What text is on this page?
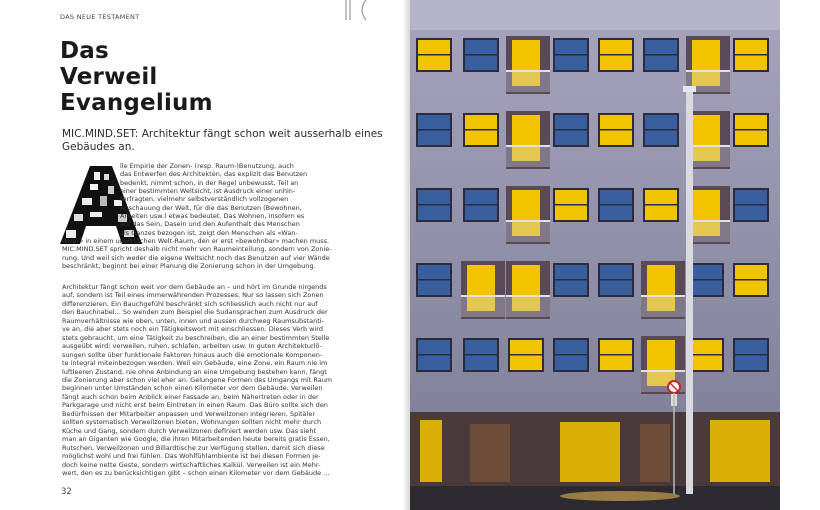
DAS NEUE TESTAMENT
Das
Verweil
Evangelium

MIC.MIND.SET: Architektur fängt schon weit ausserhalb eines Gebäudes an.

lle Empirie der Zonen- (resp. Raum-)Benutzung, auch
das Entwerfen des Architekten, das explizit das Benutzen
bedenkt, nimmt schon, in der Regel unbewusst, Teil an
einer bestimmten Weltsicht, ist Ausdruck einer unhin-
terfragten, vielmehr selbstverständlich vollzogenen
Anschauung der Welt, für die das Benutzen (Bewohnen,
Arbeiten usw.) etwas bedeutet. Das Wohnen, insofern es
auf das Sein, Dasein und den Aufenthalt des Menschen
als Ganzes bezogen ist, zeigt den Menschen als «Wan-
derer» in einem unwirtlichen Welt-Raum, den er erst «bewohnbar» machen muss.
MIC.MIND.SET spricht deshalb nicht mehr von Raumeinteilung, sondern von Zonie-
rung. Und weil sich weder die eigene Weltsicht noch das Benutzen auf vier Wände
beschränkt, beginnt bei einer Planung die Zonierung schon in der Umgebung.

Architektur fängt schon weit vor dem Gebäude an – und hört im Grunde nirgends
auf, sondern ist Teil eines immerwährenden Prozesses. Nur so lassen sich Zonen
differenzieren. Ein Bauchgefühl beschränkt sich schliesslich auch nicht nur auf
den Bauchnabel... So wenden zum Beispiel die Sudansprachen zum Ausdruck der
Raumverhältnisse wie oben, unten, innen und aussen durchweg Raumsubstanti-
ve an, die aber stets noch ein Tätigkeitswort mit einschliessen. Dieses Verb wird
stets gebraucht, um eine Tätigkeit zu beschreiben, die an einer bestimmten Stelle
ausgeübt wird: verweilen, ruhen, schlafen, arbeiten usw. In guten Architekturlö-
sungen sollte über funktionale Faktoren hinaus auch die emotionale Komponen-
te integral miteinbezogen werden. Weil ein Gebäude, eine Zone, ein Raum nie im
luftleeren Zustand, nie ohne Anbindung an eine Umgebung bestehen kann, fängt
die Zonierung aber schon viel eher an. Gelungene Formen des Umgangs mit Raum
beginnen unter Umständen schon einen Kilometer vor dem Gebäude. Verweilen
fängt auch schon beim Anblick einer Fassade an, beim Nähertreten oder in der
Parkgarage und nicht erst beim Eintreten in einen Raum. Das Büro sollte sich den
Bedürfnissen der Mitarbeiter anpassen und Verweilzonen integrieren, Spitäler
sollten systematisch Verweilzonen bieten, Wohnungen sollten nicht mehr durch
Küche und Gang, sondern durch Verweilzonen definiert werden usw. Das sieht
man an Giganten wie Google, die ihren Mitarbeitenden heute bereits gratis Essen,
Rutschen, Verweilzonen und Billardtische zur Verfügung stellen, damit sich diese
möglichst wohl und frei fühlen. Das Wohlfühlambiente ist bei diesen Formen je-
doch keine nette Geste, sondern wirtschaftliches Kalkül. Verweilen ist ein Mehr-
wert, den es zu berücksichtigen gibt – schon einen Kilometer vor dem Gebäude ...

32
